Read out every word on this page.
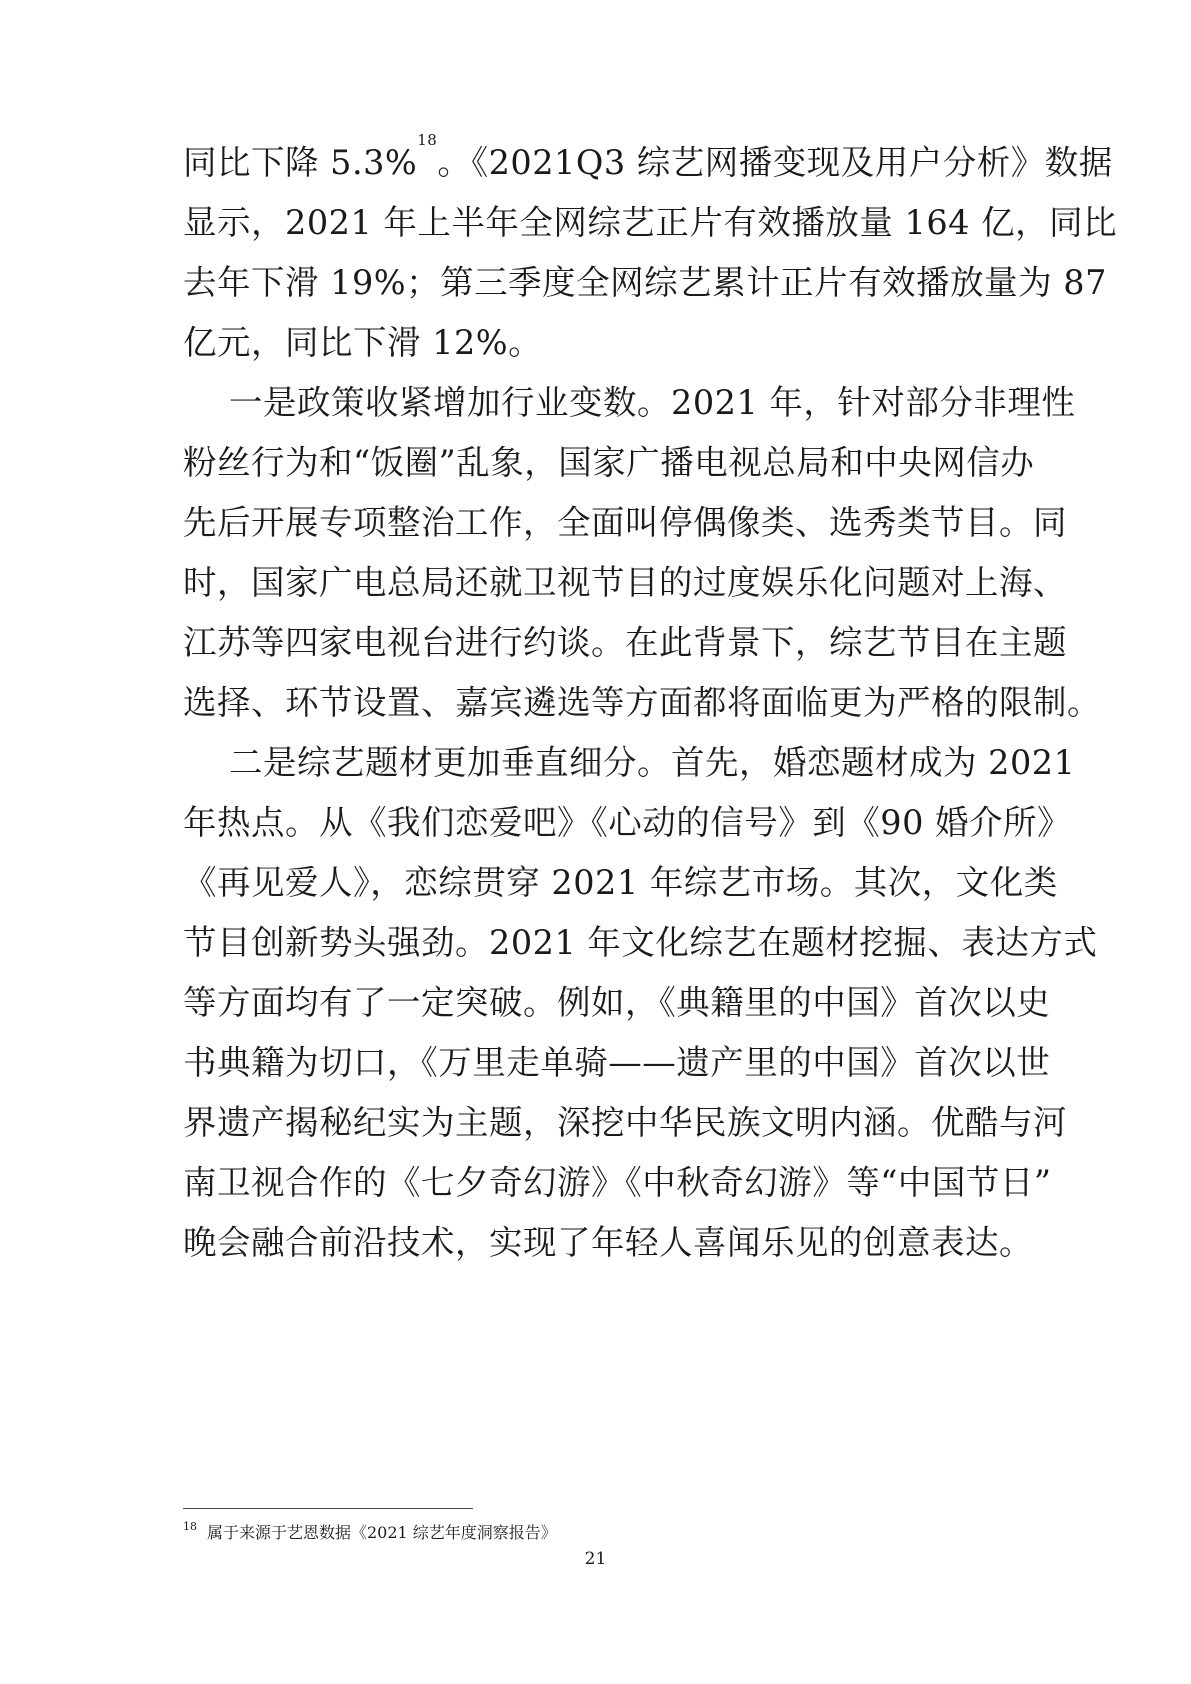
同比下降 5.3%$^{18}$。《2021Q3 综艺网播变现及用户分析》数据
显示，2021 年上半年全网综艺正片有效播放量 164 亿，同比
去年下滑 19%；第三季度全网综艺累计正片有效播放量为 87
亿元，同比下滑 12%。
一是政策收紧增加行业变数。2021 年，针对部分非理性
粉丝行为和“饭圈”乱象，国家广播电视总局和中央网信办
先后开展专项整治工作，全面叫停偶像类、选秀类节目。同
时，国家广电总局还就卫视节目的过度娱乐化问题对上海、
江苏等四家电视台进行约谈。在此背景下，综艺节目在主题
选择、环节设置、嘉宾遴选等方面都将面临更为严格的限制。
二是综艺题材更加垂直细分。首先，婚恋题材成为 2021
年热点。从《我们恋爱吧》《心动的信号》到《90 婚介所》
《再见爱人》，恋综贯穿 2021 年综艺市场。其次，文化类
节目创新势头强劲。2021 年文化综艺在题材挖掘、表达方式
等方面均有了一定突破。例如，《典籍里的中国》首次以史
书典籍为切口，《万里走单骑——遗产里的中国》首次以世
界遗产揭秘纪实为主题，深挖中华民族文明内涵。优酷与河
南卫视合作的《七夕奇幻游》《中秋奇幻游》等“中国节日”
晚会融合前沿技术，实现了年轻人喜闻乐见的创意表达。
$^{18}$ 属于来源于艺恩数据《2021 综艺年度洞察报告》
21
